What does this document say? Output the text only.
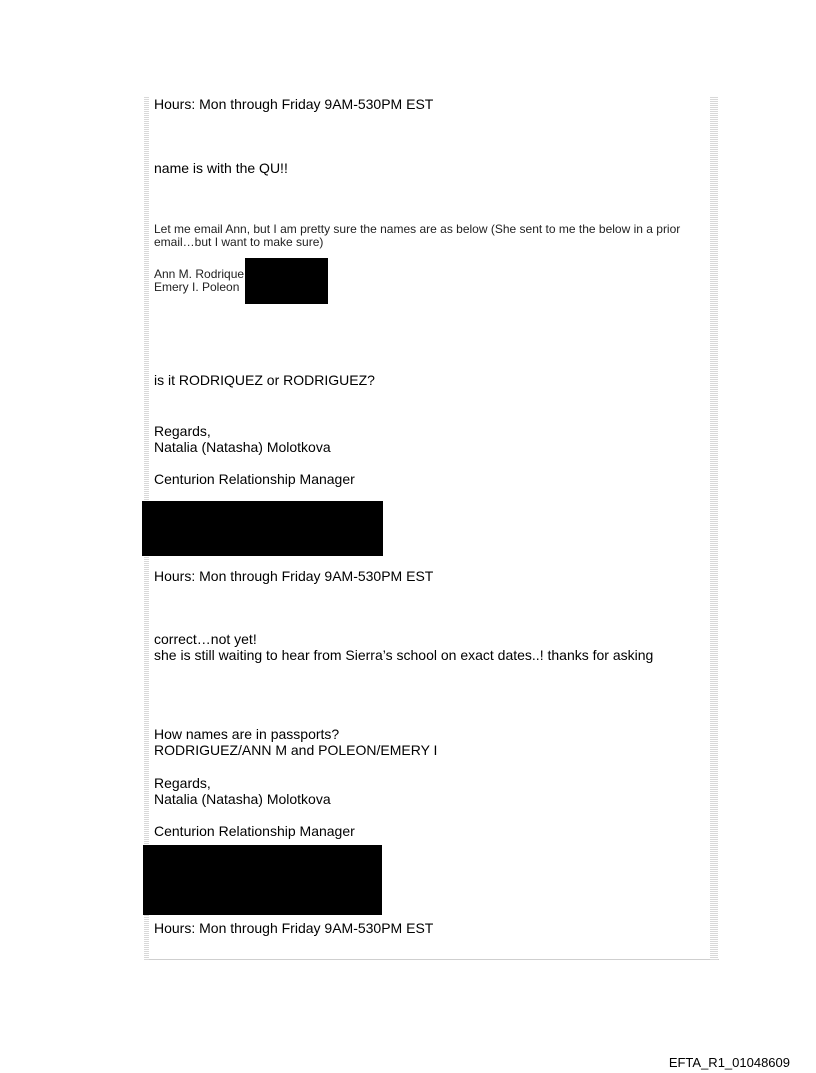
Hours: Mon through Friday 9AM-530PM EST
name is with the QU!!
Let me email Ann, but I am pretty sure the names are as below (She sent to me the below in a prior
email…but I want to make sure)
Ann M. Rodrique
Emery I. Poleon
is it RODRIQUEZ or RODRIGUEZ?
Regards,
Natalia (Natasha) Molotkova
Centurion Relationship Manager
Hours: Mon through Friday 9AM-530PM EST
correct…not yet!
she is still waiting to hear from Sierra’s school on exact dates..! thanks for asking
How names are in passports?
RODRIGUEZ/ANN M and POLEON/EMERY I
Regards,
Natalia (Natasha) Molotkova
Centurion Relationship Manager
Hours: Mon through Friday 9AM-530PM EST
EFTA_R1_01048609
